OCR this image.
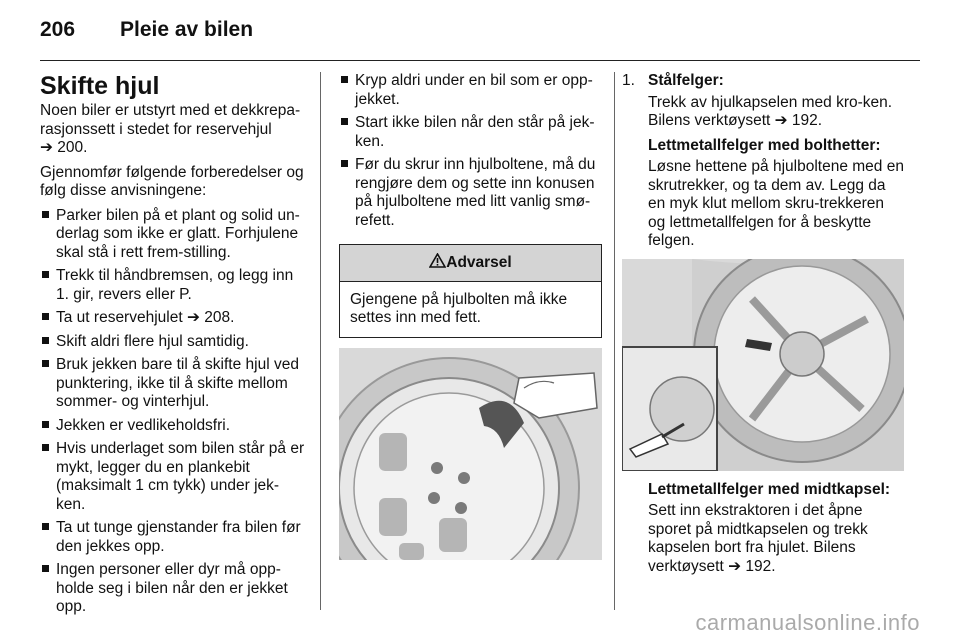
206	Pleie av bilen
Skifte hjul

Noen biler er utstyrt med et dekkrepa-rasjonssett i stedet for reservehjul
➔ 200.

Gjennomfør følgende forberedelser og følg disse anvisningene:

Parker bilen på et plant og solid un-derlag som ikke er glatt. Forhjulene skal stå i rett frem-stilling.
Trekk til håndbremsen, og legg inn 1. gir, revers eller P.
Ta ut reservehjulet ➔ 208.
Skift aldri flere hjul samtidig.
Bruk jekken bare til å skifte hjul ved punktering, ikke til å skifte mellom sommer- og vinterhjul.
Jekken er vedlikeholdsfri.
Hvis underlaget som bilen står på er mykt, legger du en plankebit (maksimalt 1 cm tykk) under jek-ken.
Ta ut tunge gjenstander fra bilen før den jekkes opp.
Ingen personer eller dyr må opp-holde seg i bilen når den er jekket opp.
Kryp aldri under en bil som er opp-jekket.
Start ikke bilen når den står på jek-ken.
Før du skrur inn hjulboltene, må du rengjøre dem og sette inn konusen på hjulboltene med litt vanlig smø-refett.
Advarsel
Gjengene på hjulbolten må ikke settes inn med fett.
1. Stålfelger:

Trekk av hjulkapselen med kro-ken. Bilens verktøysett ➔ 192.

Lettmetallfelger med bolthetter:

Løsne hettene på hjulboltene med en skrutrekker, og ta dem av. Legg da en myk klut mellom skru-trekkeren og lettmetallfelgen for å beskytte felgen.

Lettmetallfelger med midtkapsel:

Sett inn ekstraktoren i det åpne sporet på midtkapselen og trekk kapselen bort fra hjulet. Bilens verktøysett ➔ 192.

carmanualsonline.info
